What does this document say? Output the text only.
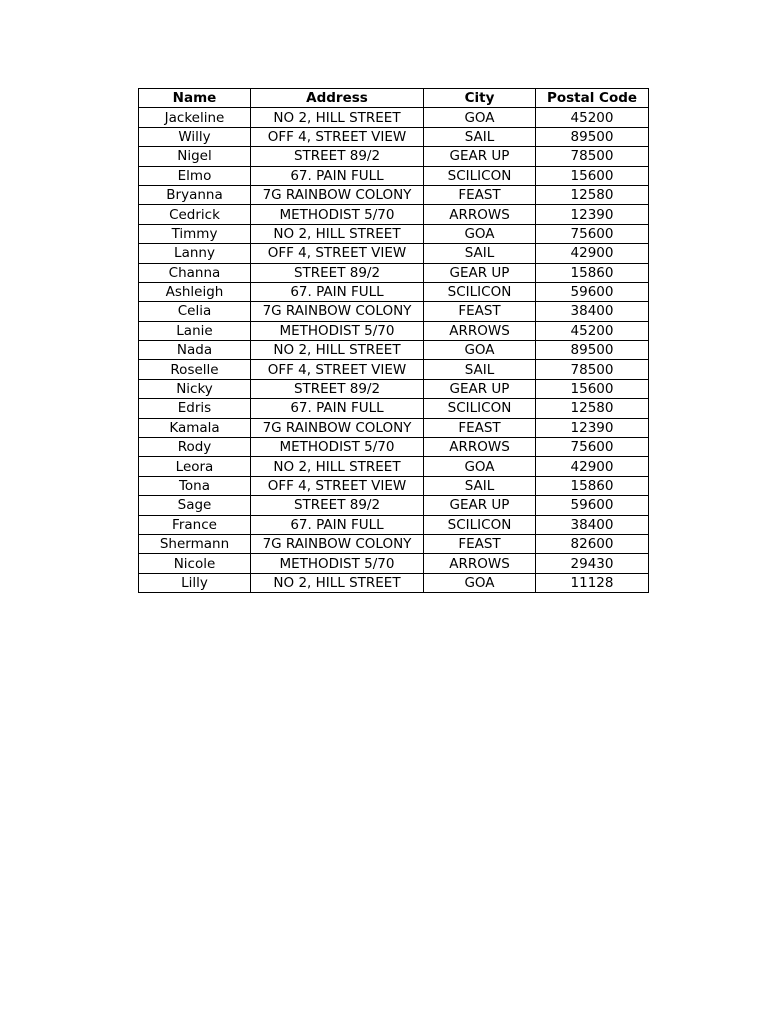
Name	Address	City	Postal Code
Jackeline	NO 2, HILL STREET	GOA	45200
Willy	OFF 4, STREET VIEW	SAIL	89500
Nigel	STREET 89/2	GEAR UP	78500
Elmo	67. PAIN FULL	SCILICON	15600
Bryanna	7G RAINBOW COLONY	FEAST	12580
Cedrick	METHODIST 5/70	ARROWS	12390
Timmy	NO 2, HILL STREET	GOA	75600
Lanny	OFF 4, STREET VIEW	SAIL	42900
Channa	STREET 89/2	GEAR UP	15860
Ashleigh	67. PAIN FULL	SCILICON	59600
Celia	7G RAINBOW COLONY	FEAST	38400
Lanie	METHODIST 5/70	ARROWS	45200
Nada	NO 2, HILL STREET	GOA	89500
Roselle	OFF 4, STREET VIEW	SAIL	78500
Nicky	STREET 89/2	GEAR UP	15600
Edris	67. PAIN FULL	SCILICON	12580
Kamala	7G RAINBOW COLONY	FEAST	12390
Rody	METHODIST 5/70	ARROWS	75600
Leora	NO 2, HILL STREET	GOA	42900
Tona	OFF 4, STREET VIEW	SAIL	15860
Sage	STREET 89/2	GEAR UP	59600
France	67. PAIN FULL	SCILICON	38400
Shermann	7G RAINBOW COLONY	FEAST	82600
Nicole	METHODIST 5/70	ARROWS	29430
Lilly	NO 2, HILL STREET	GOA	11128
